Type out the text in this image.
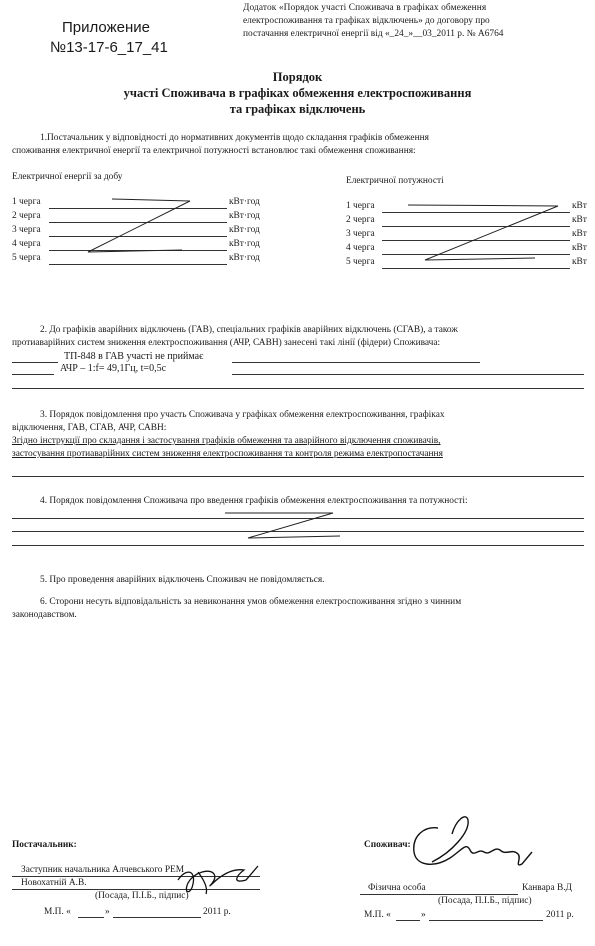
Приложение
№13-17-6_17_41
Додаток «Порядок участі Споживача в графіках обмеження
електроспоживання та графіках відключень» до договору про
постачання електричної енергії від «_24_»__03_2011 р. № А6764
Порядок
участі Споживача в графіках обмеження електроспоживання
та графіках відключень
1.Постачальник у відповідності до нормативних документів щодо складання графіків обмеження
споживання електричної енергії та електричної потужності встановлює такі обмеження споживання:
Електричної енергії за добу	Електричної потужності
1 черга	кВт·год
2 черга	кВт·год
3 черга	кВт·год
4 черга	кВт·год
5 черга	кВт·год
1 черга	кВт
2 черга	кВт
3 черга	кВт
4 черга	кВт
5 черга	кВт
2. До графіків аварійних відключень (ГАВ), спеціальних графіків аварійних відключень (СГАВ), а також
протиаварійних систем зниження електроспоживання (АЧР, САВН) занесені такі лінії (фідери) Споживача:
ТП-848 в ГАВ участі не приймає
АЧР – 1:f= 49,1Гц, t=0,5с
3. Порядок повідомлення про участь Споживача у графіках обмеження електроспоживання, графіках
відключення, ГАВ, СГАВ, АЧР, САВН:
Згідно інструкції про складання і застосування графіків обмеження та аварійного відключення споживачів,
застосування протиаварійних систем зниження електроспоживання та контроля режима електропостачання
4. Порядок повідомлення Споживача про введення графіків обмеження електроспоживання та потужності:
5. Про проведення аварійних відключень Споживач не повідомляється.
6. Сторони несуть відповідальність за невиконання умов обмеження електроспоживання згідно з чинним
законодавством.
Постачальник:
Заступник начальника Алчевського РЕМ
Новохатній А.В.
(Посада, П.І.Б., підпис)
М.П. «	»	2011 р.
Споживач:
Фізична особа	Канвара В.Д
(Посада, П.І.Б., підпис)
М.П. «	»	2011 р.
